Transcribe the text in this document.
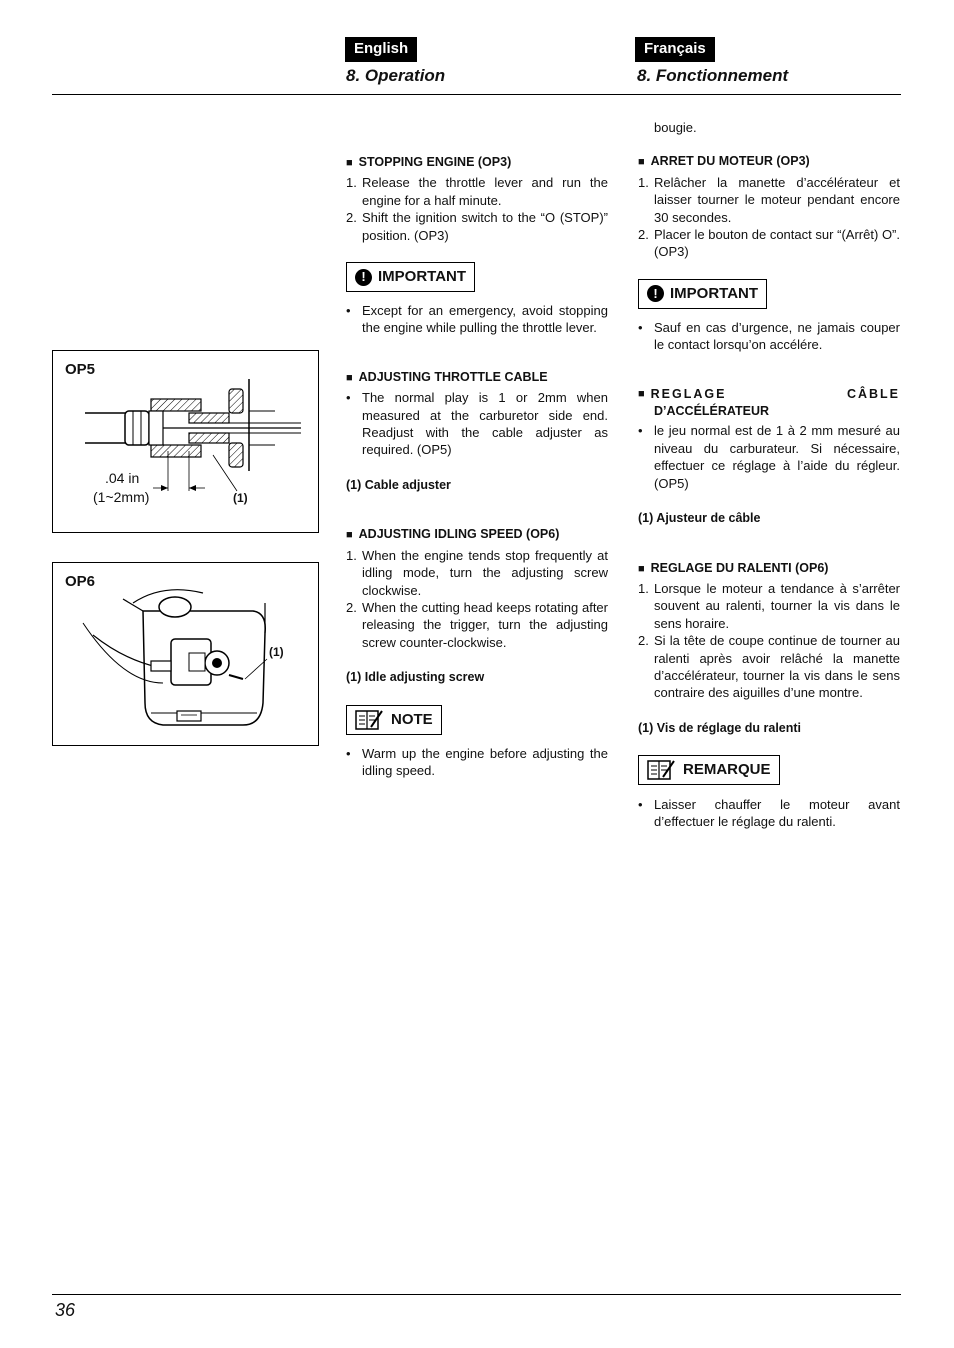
English	Français
8. Operation	8. Fonctionnement
OP5
.04 in
(1~2mm)	(1)
OP6
(1)

■ STOPPING ENGINE (OP3)

1. Release the throttle lever and run the engine for a half minute.
2. Shift the ignition switch to the “O (STOP)” position. (OP3)
! IMPORTANT
• Except for an emergency, avoid stopping the engine while pulling the throttle lever.

■ ADJUSTING THROTTLE CABLE

• The normal play is 1 or 2mm when measured at the carburetor side end. Readjust with the cable adjuster as required. (OP5)

(1) Cable adjuster

■ ADJUSTING IDLING SPEED (OP6)

1. When the engine tends stop frequently at idling mode, turn the adjusting screw clockwise.
2. When the cutting head keeps rotating after releasing the trigger, turn the adjusting screw counter-clockwise.

(1) Idle adjusting screw

NOTE
• Warm up the engine before adjusting the idling speed.

bougie.

■ ARRET DU MOTEUR (OP3)

1. Relâcher la manette d’accélérateur et laisser tourner le moteur pendant encore 30 secondes.
2. Placer le bouton de contact sur “(Arrêt) O”. (OP3)
! IMPORTANT
• Sauf en cas d’urgence, ne jamais couper le contact lorsqu’on accélére.

■ REGLAGE	CÂBLE

D’ACCÉLÉRATEUR

• le jeu normal est de 1 à 2 mm mesuré au niveau du carburateur. Si nécessaire, effectuer ce réglage à l’aide du régleur. (OP5)

(1) Ajusteur de câble

■ REGLAGE DU RALENTI (OP6)

1. Lorsque le moteur a tendance à s’arrêter souvent au ralenti, tourner la vis dans le sens horaire.
2. Si la tête de coupe continue de tourner au ralenti après avoir relâché la manette d’accélérateur, tourner la vis dans le sens contraire des aiguilles d’une montre.

(1) Vis de réglage du ralenti

REMARQUE
• Laisser chauffer le moteur avant d’effectuer le réglage du ralenti.
36
